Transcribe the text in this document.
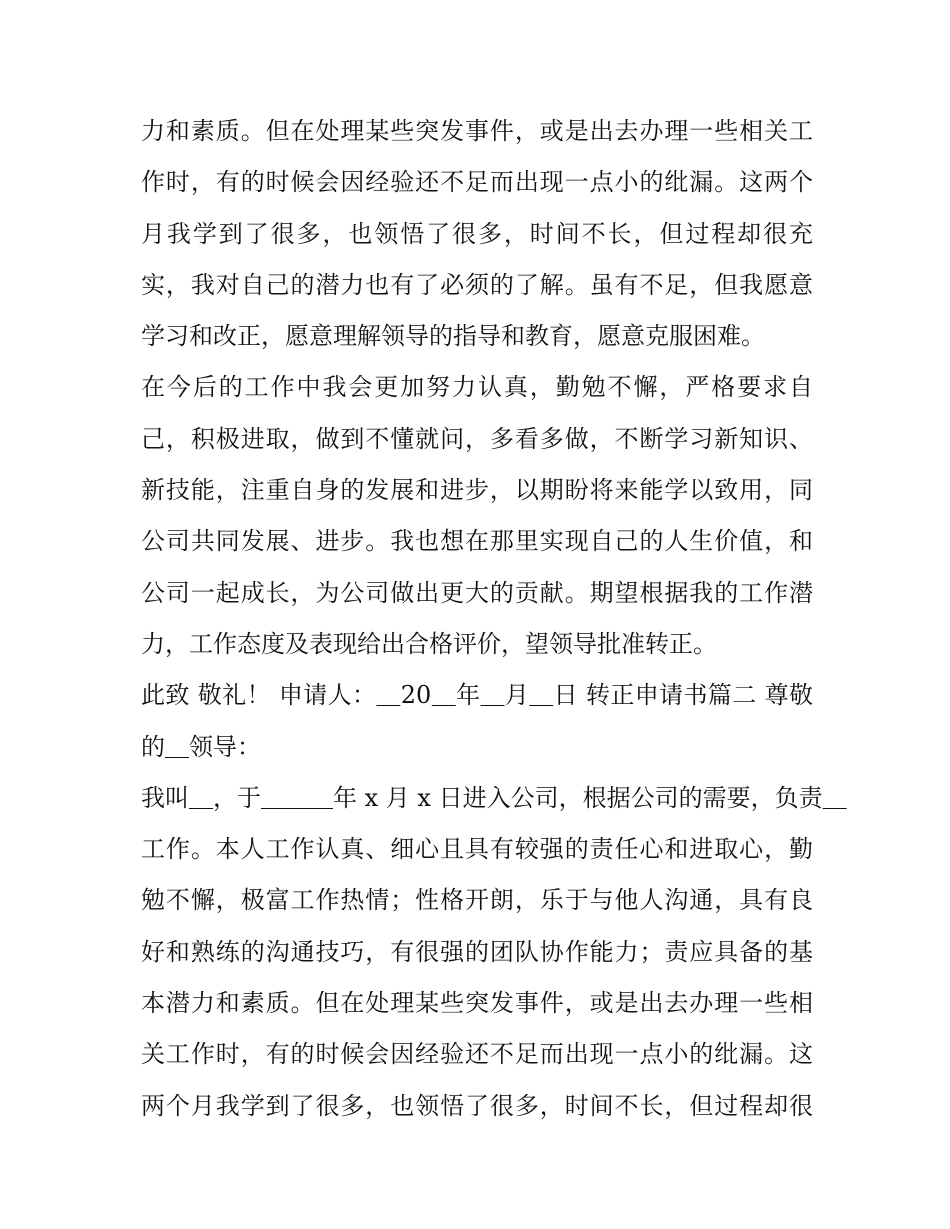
力和素质。但在处理某些突发事件，或是出去办理一些相关工
作时，有的时候会因经验还不足而出现一点小的纰漏。这两个
月我学到了很多，也领悟了很多，时间不长，但过程却很充
实，我对自己的潜力也有了必须的了解。虽有不足，但我愿意
学习和改正，愿意理解领导的指导和教育，愿意克服困难。
在今后的工作中我会更加努力认真，勤勉不懈，严格要求自
己，积极进取，做到不懂就问，多看多做，不断学习新知识、
新技能，注重自身的发展和进步，以期盼将来能学以致用，同
公司共同发展、进步。我也想在那里实现自己的人生价值，和
公司一起成长，为公司做出更大的贡献。期望根据我的工作潜
力，工作态度及表现给出合格评价，望领导批准转正。
此致 敬礼！ 申请人：＿20＿年＿月＿日 转正申请书篇二 尊敬
的＿领导：
我叫＿，于＿＿＿年 x 月 x 日进入公司，根据公司的需要，负责＿
工作。本人工作认真、细心且具有较强的责任心和进取心，勤
勉不懈，极富工作热情；性格开朗，乐于与他人沟通，具有良
好和熟练的沟通技巧，有很强的团队协作能力；责应具备的基
本潜力和素质。但在处理某些突发事件，或是出去办理一些相
关工作时，有的时候会因经验还不足而出现一点小的纰漏。这
两个月我学到了很多，也领悟了很多，时间不长，但过程却很
